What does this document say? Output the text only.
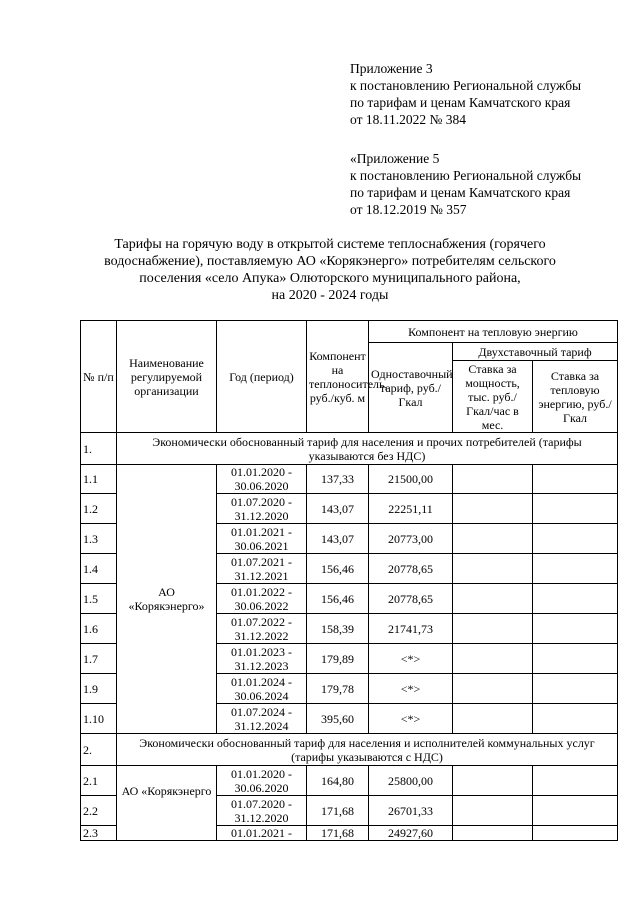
Приложение 3
к постановлению Региональной службы
по тарифам и ценам Камчатского края
от 18.11.2022 № 384
«Приложение 5
к постановлению Региональной службы
по тарифам и ценам Камчатского края
от 18.12.2019 № 357
Тарифы на горячую воду в открытой системе теплоснабжения (горячего
водоснабжение), поставляемую АО «Корякэнерго» потребителям сельского
поселения «село Апука» Олюторского муниципального района,
на 2020 - 2024 годы
№ п/п	Наименование регулируемой организации	Год (период)	Компонент на теплоноситель, руб./куб. м	Компонент на тепловую энергию		
				Одноставочный тариф, руб./Гкал	Двухставочный тариф	
					Ставка за мощность, тыс. руб./Гкал/час в мес.	Ставка за тепловую энергию, руб./Гкал
1.	Экономически обоснованный тариф для населения и прочих потребителей (тарифы указываются без НДС)					
1.1	АО «Корякэнерго»	01.01.2020 - 30.06.2020	137,33	21500,00		
1.2		01.07.2020 - 31.12.2020	143,07	22251,11		
1.3		01.01.2021 - 30.06.2021	143,07	20773,00		
1.4		01.07.2021 - 31.12.2021	156,46	20778,65		
1.5		01.01.2022 - 30.06.2022	156,46	20778,65		
1.6		01.07.2022 - 31.12.2022	158,39	21741,73		
1.7		01.01.2023 - 31.12.2023	179,89	<*>		
1.9		01.01.2024 - 30.06.2024	179,78	<*>		
1.10		01.07.2024 - 31.12.2024	395,60	<*>		
2.	Экономически обоснованный тариф для населения и исполнителей коммунальных услуг (тарифы указываются с НДС)					
2.1	АО «Корякэнерго	01.01.2020 - 30.06.2020	164,80	25800,00		
2.2		01.07.2020 - 31.12.2020	171,68	26701,33		
2.3		01.01.2021 -	171,68	24927,60		
